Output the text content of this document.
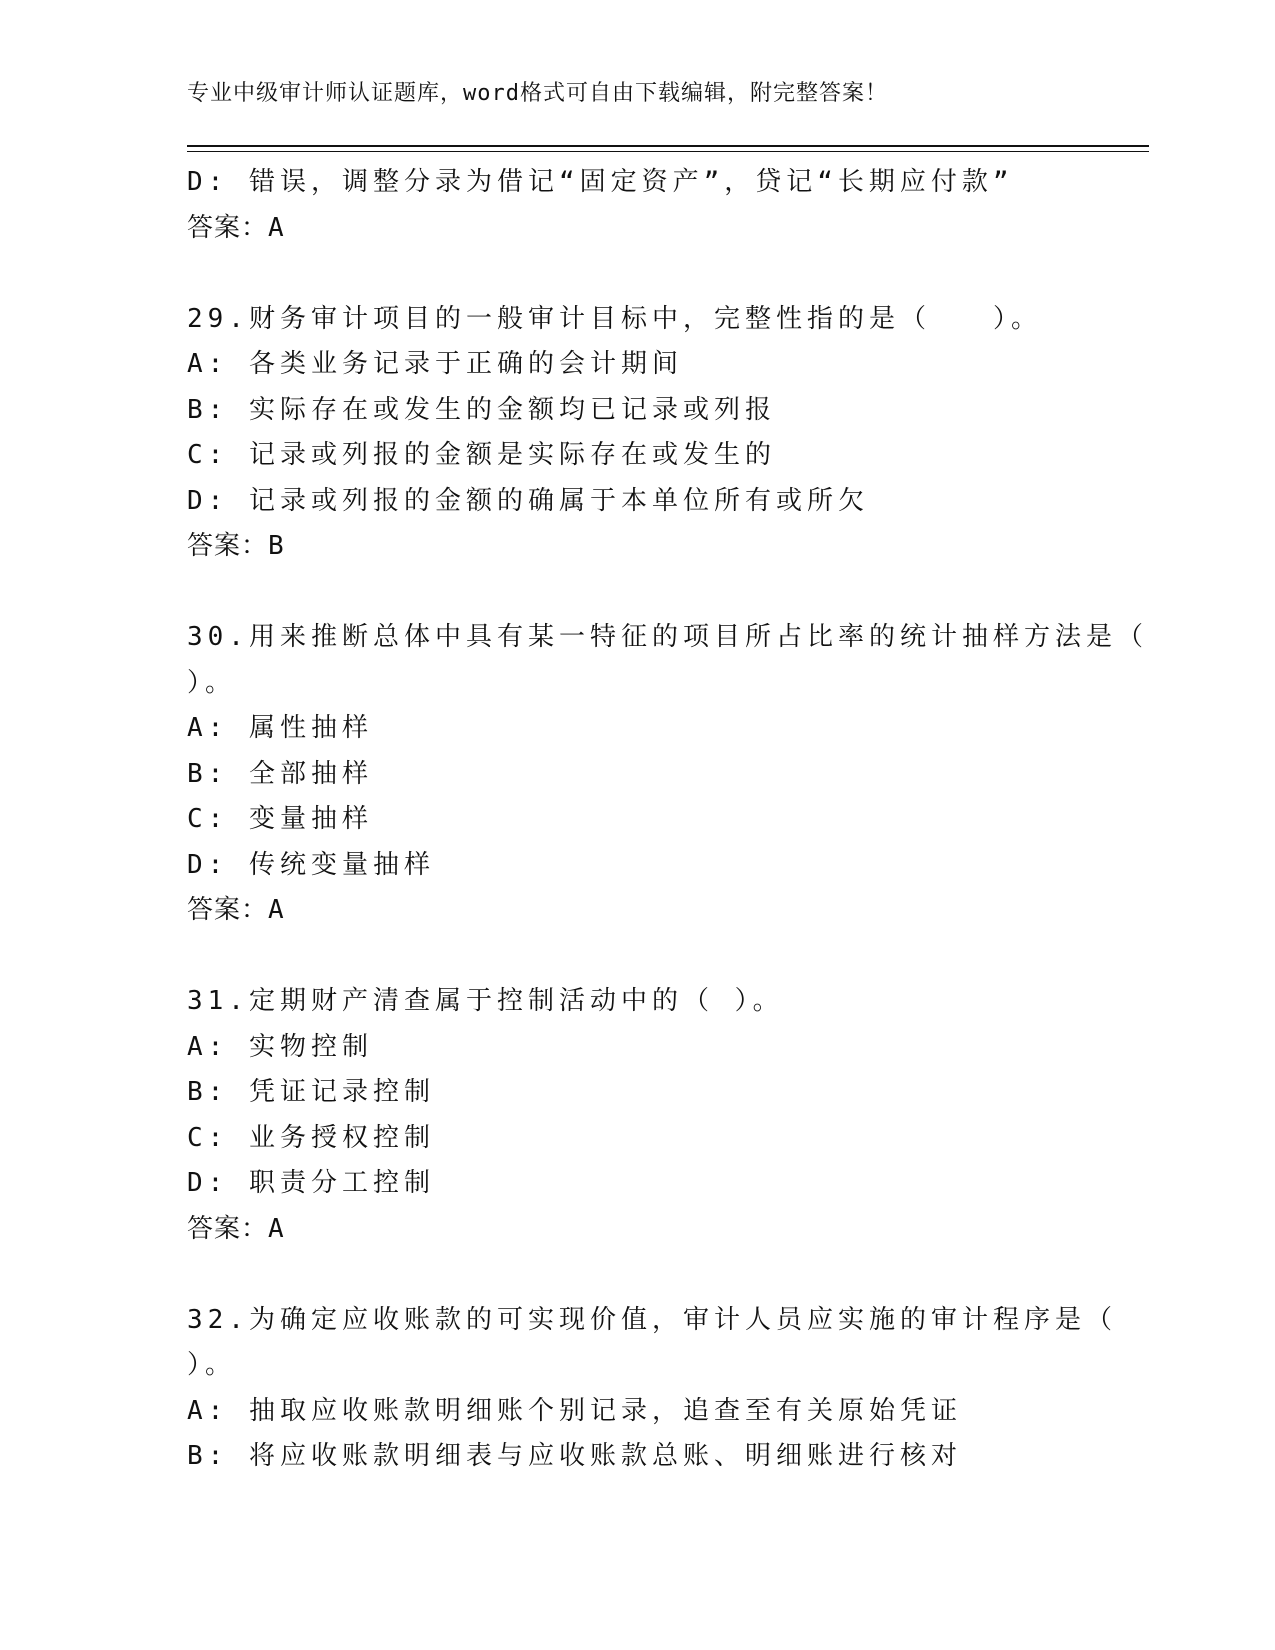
专业中级审计师认证题库，word格式可自由下载编辑，附完整答案！
D: 错误，调整分录为借记“固定资产”，贷记“长期应付款”
答案：A
29.财务审计项目的一般审计目标中，完整性指的是（　　）。
A: 各类业务记录于正确的会计期间
B: 实际存在或发生的金额均已记录或列报
C: 记录或列报的金额是实际存在或发生的
D: 记录或列报的金额的确属于本单位所有或所欠
答案：B
30.用来推断总体中具有某一特征的项目所占比率的统计抽样方法是（
）。
A: 属性抽样
B: 全部抽样
C: 变量抽样
D: 传统变量抽样
答案：A
31.定期财产清查属于控制活动中的（ ）。
A: 实物控制
B: 凭证记录控制
C: 业务授权控制
D: 职责分工控制
答案：A
32.为确定应收账款的可实现价值，审计人员应实施的审计程序是（
）。
A: 抽取应收账款明细账个别记录，追查至有关原始凭证
B: 将应收账款明细表与应收账款总账、明细账进行核对
